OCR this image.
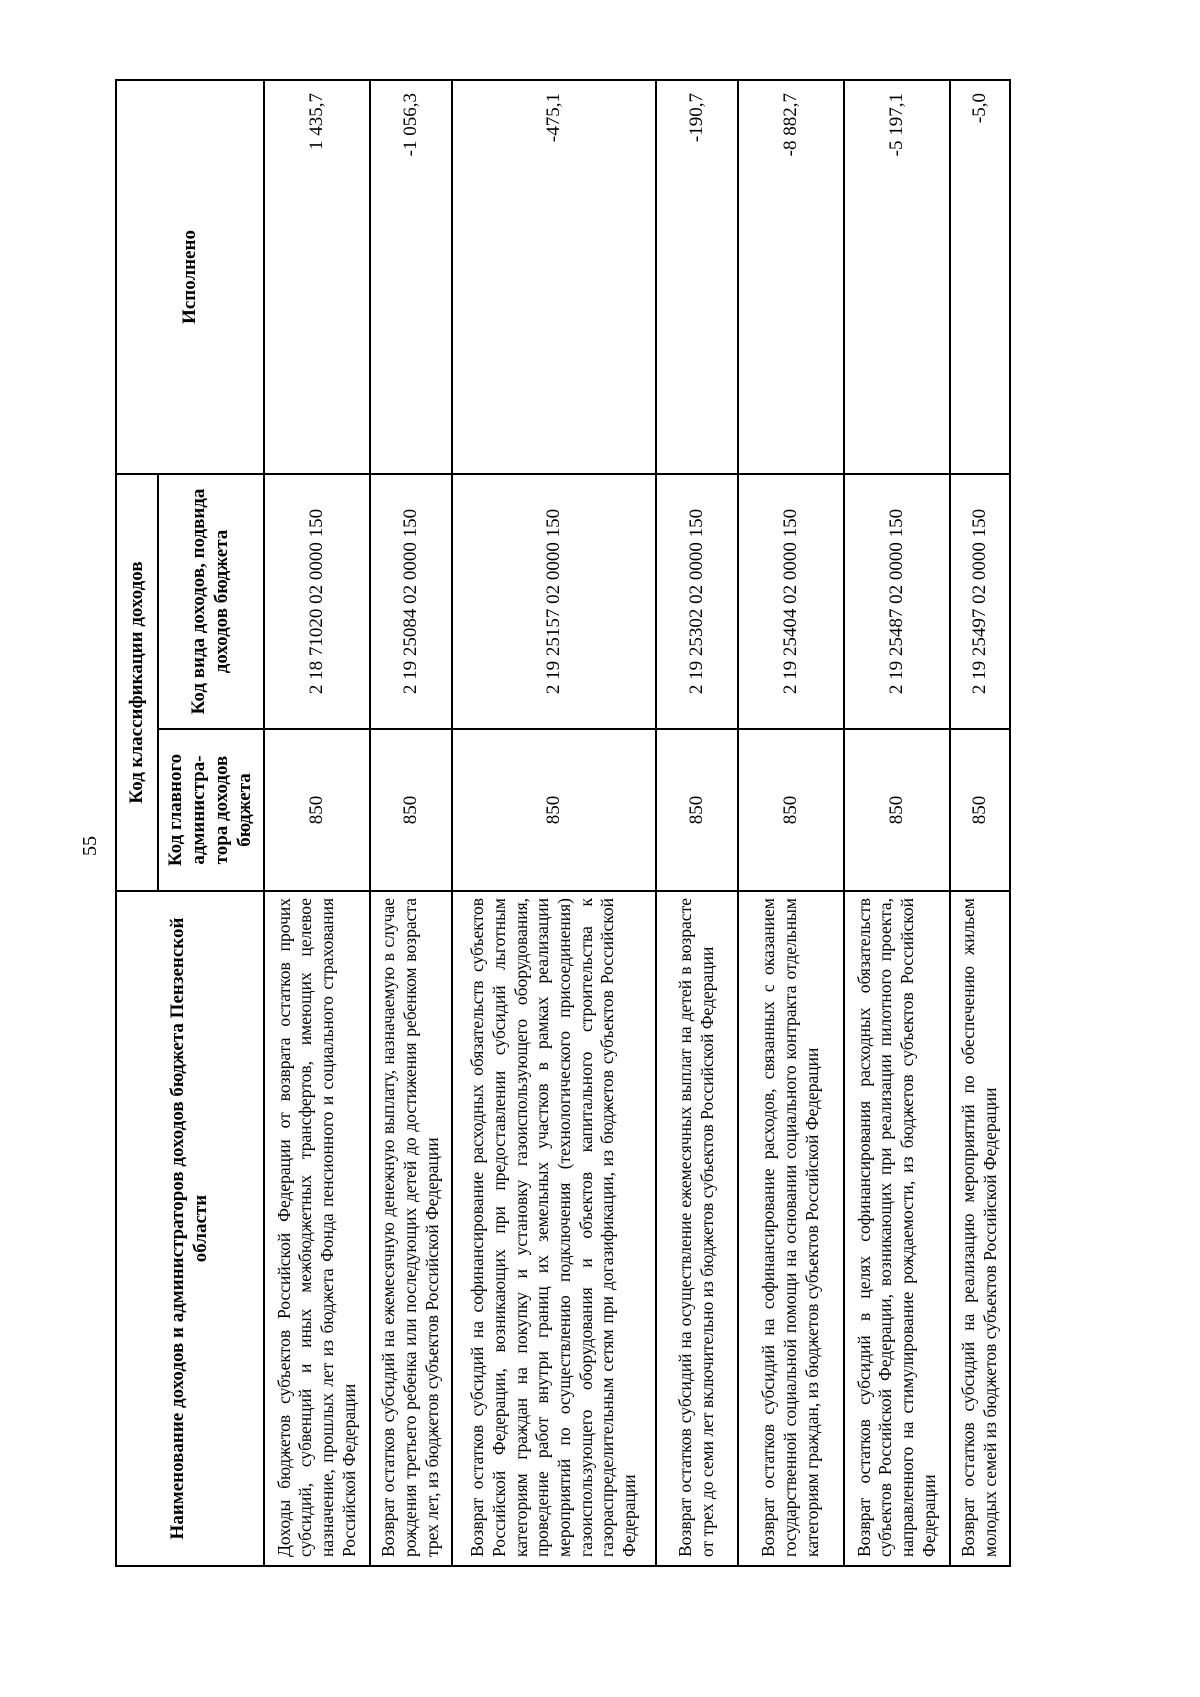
55
Наименование доходов и администраторов доходов бюджета Пензенской области	Код классификации доходов		Исполнено
	Код главного администра-тора доходов бюджета	Код вида доходов, подвида доходов бюджета	
Доходы бюджетов субъектов Российской Федерации от возврата остатков прочих субсидий, субвенций и иных межбюджетных трансфертов, имеющих целевое назначение, прошлых лет из бюджета Фонда пенсионного и социального страхования Российской Федерации	850	2 18 71020 02 0000 150	1 435,7
Возврат остатков субсидий на ежемесячную денежную выплату, назначаемую в случае рождения третьего ребенка или последующих детей до достижения ребенком возраста трех лет, из бюджетов субъектов Российской Федерации	850	2 19 25084 02 0000 150	-1 056,3
Возврат остатков субсидий на софинансирование расходных обязательств субъектов Российской Федерации, возникающих при предоставлении субсидий льготным категориям граждан на покупку и установку газоиспользующего оборудования, проведение работ внутри границ их земельных участков в рамках реализации мероприятий по осуществлению подключения (технологического присоединения) газоиспользующего оборудования и объектов капитального строительства к газораспределительным сетям при догазификации, из бюджетов субъектов Российской Федерации	850	2 19 25157 02 0000 150	-475,1
Возврат остатков субсидий на осуществление ежемесячных выплат на детей в возрасте от трех до семи лет включительно из бюджетов субъектов Российской Федерации	850	2 19 25302 02 0000 150	-190,7
Возврат остатков субсидий на софинансирование расходов, связанных с оказанием государственной социальной помощи на основании социального контракта отдельным категориям граждан, из бюджетов субъектов Российской Федерации	850	2 19 25404 02 0000 150	-8 882,7
Возврат остатков субсидий в целях софинансирования расходных обязательств субъектов Российской Федерации, возникающих при реализации пилотного проекта, направленного на стимулирование рождаемости, из бюджетов субъектов Российской Федерации	850	2 19 25487 02 0000 150	-5 197,1
Возврат остатков субсидий на реализацию мероприятий по обеспечению жильем молодых семей из бюджетов субъектов Российской Федерации	850	2 19 25497 02 0000 150	-5,0
